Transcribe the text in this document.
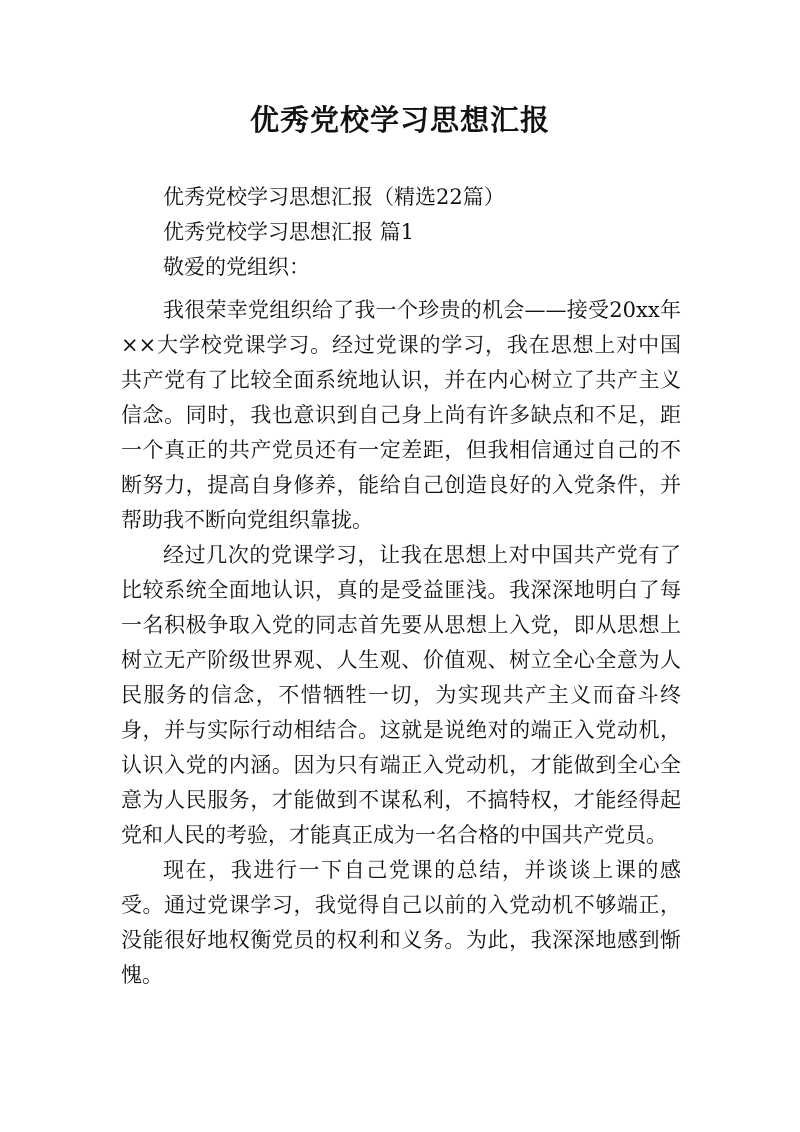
优秀党校学习思想汇报
优秀党校学习思想汇报（精选22篇）
优秀党校学习思想汇报 篇1
敬爱的党组织：

我很荣幸党组织给了我一个珍贵的机会——接受20xx年××大学校党课学习。经过党课的学习，我在思想上对中国共产党有了比较全面系统地认识，并在内心树立了共产主义信念。同时，我也意识到自己身上尚有许多缺点和不足，距一个真正的共产党员还有一定差距，但我相信通过自己的不断努力，提高自身修养，能给自己创造良好的入党条件，并帮助我不断向党组织靠拢。

经过几次的党课学习，让我在思想上对中国共产党有了比较系统全面地认识，真的是受益匪浅。我深深地明白了每一名积极争取入党的同志首先要从思想上入党，即从思想上树立无产阶级世界观、人生观、价值观、树立全心全意为人民服务的信念，不惜牺牲一切，为实现共产主义而奋斗终身，并与实际行动相结合。这就是说绝对的端正入党动机，认识入党的内涵。因为只有端正入党动机，才能做到全心全意为人民服务，才能做到不谋私利，不搞特权，才能经得起党和人民的考验，才能真正成为一名合格的中国共产党员。

现在，我进行一下自己党课的总结，并谈谈上课的感受。通过党课学习，我觉得自己以前的入党动机不够端正，没能很好地权衡党员的权利和义务。为此，我深深地感到惭愧。
